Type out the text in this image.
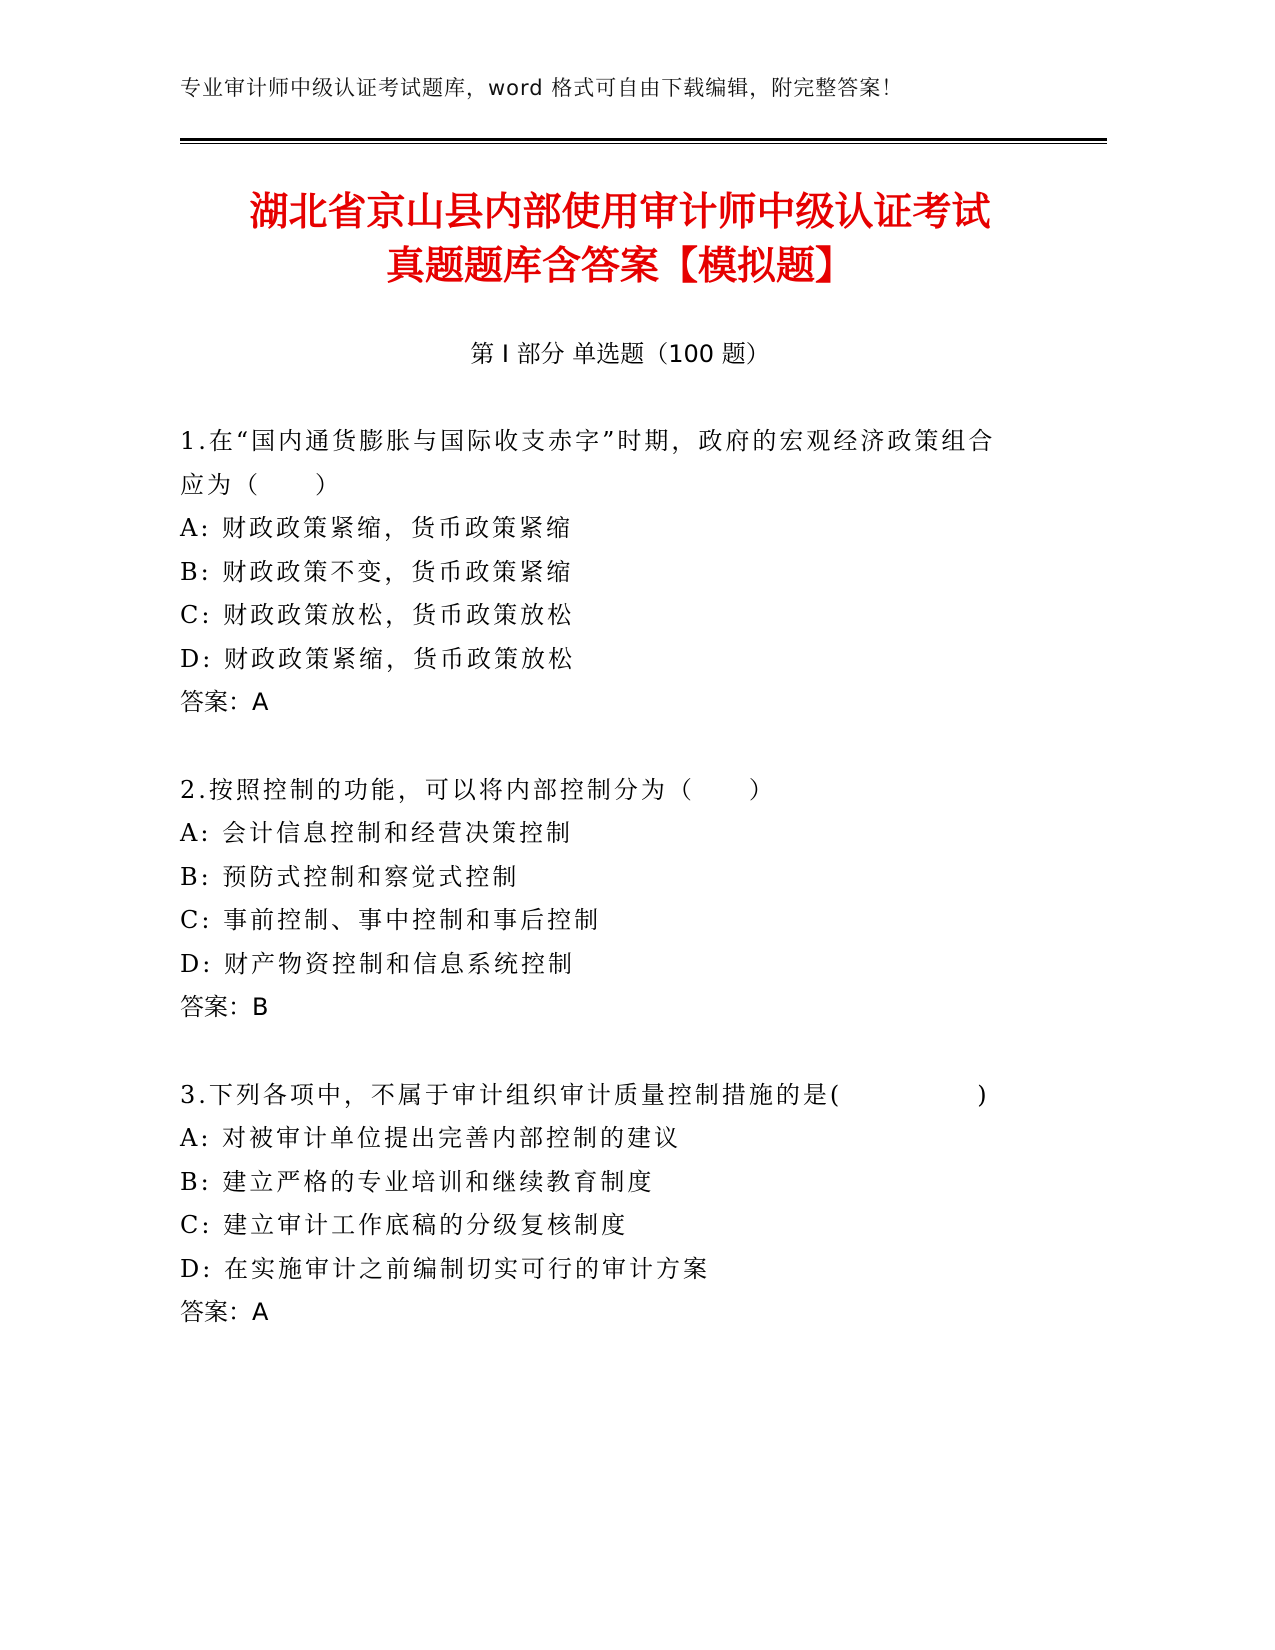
专业审计师中级认证考试题库，word 格式可自由下载编辑，附完整答案！
湖北省京山县内部使用审计师中级认证考试
真题题库含答案【模拟题】
第 I 部分 单选题（100 题）
1.在“国内通货膨胀与国际收支赤字”时期，政府的宏观经济政策组合应为（　　）
A: 财政政策紧缩，货币政策紧缩
B: 财政政策不变，货币政策紧缩
C: 财政政策放松，货币政策放松
D: 财政政策紧缩，货币政策放松
答案：A
2.按照控制的功能，可以将内部控制分为（　　）
A: 会计信息控制和经营决策控制
B: 预防式控制和察觉式控制
C: 事前控制、事中控制和事后控制
D: 财产物资控制和信息系统控制
答案：B
3.下列各项中，不属于审计组织审计质量控制措施的是(　　　　　)
A: 对被审计单位提出完善内部控制的建议
B: 建立严格的专业培训和继续教育制度
C: 建立审计工作底稿的分级复核制度
D: 在实施审计之前编制切实可行的审计方案
答案：A
